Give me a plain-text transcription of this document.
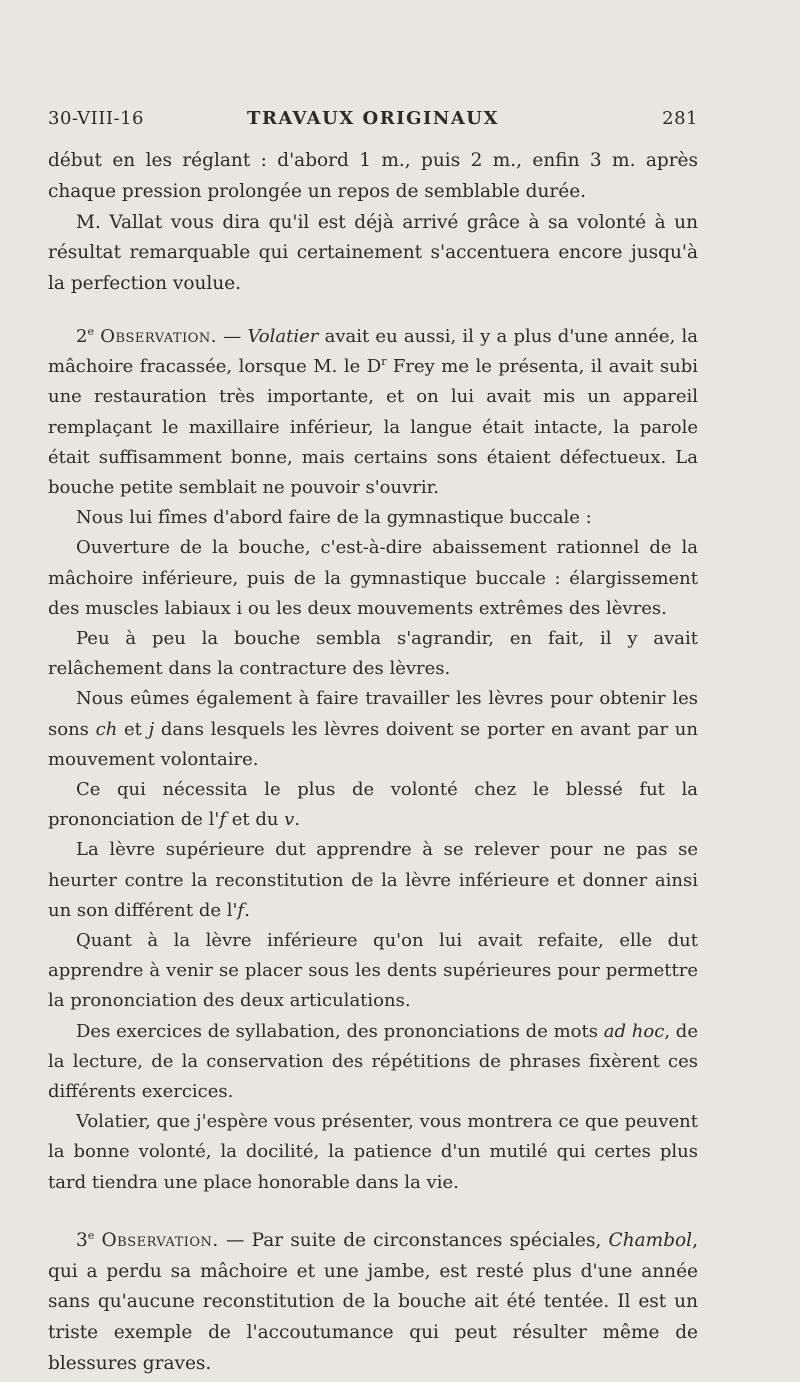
30-VIII-16	TRAVAUX ORIGINAUX	281

début en les réglant : d'abord 1 m., puis 2 m., enfin 3 m. après chaque pression prolongée un repos de semblable durée.

M. Vallat vous dira qu'il est déjà arrivé grâce à sa volonté à un résultat remarquable qui certainement s'accentuera encore jusqu'à la perfection voulue.

2e Observation. — Volatier avait eu aussi, il y a plus d'une année, la mâchoire fracassée, lorsque M. le $D^r$ Frey me le présenta, il avait subi une restauration très importante, et on lui avait mis un appareil remplaçant le maxillaire inférieur, la langue était intacte, la parole était suffisamment bonne, mais certains sons étaient défectueux. La bouche petite semblait ne pouvoir s'ouvrir.

Nous lui fîmes d'abord faire de la gymnastique buccale :

Ouverture de la bouche, c'est-à-dire abaissement rationnel de la mâchoire inférieure, puis de la gymnastique buccale : élargissement des muscles labiaux i ou les deux mouvements extrêmes des lèvres.

Peu à peu la bouche sembla s'agrandir, en fait, il y avait relâchement dans la contracture des lèvres.

Nous eûmes également à faire travailler les lèvres pour obtenir les sons ch et j dans lesquels les lèvres doivent se porter en avant par un mouvement volontaire.

Ce qui nécessita le plus de volonté chez le blessé fut la prononciation de l'f et du v.

La lèvre supérieure dut apprendre à se relever pour ne pas se heurter contre la reconstitution de la lèvre inférieure et donner ainsi un son différent de l'f.

Quant à la lèvre inférieure qu'on lui avait refaite, elle dut apprendre à venir se placer sous les dents supérieures pour permettre la prononciation des deux articulations.

Des exercices de syllabation, des prononciations de mots ad hoc, de la lecture, de la conservation des répétitions de phrases fixèrent ces différents exercices.

Volatier, que j'espère vous présenter, vous montrera ce que peuvent la bonne volonté, la docilité, la patience d'un mutilé qui certes plus tard tiendra une place honorable dans la vie.

3e Observation. — Par suite de circonstances spéciales, Chambol, qui a perdu sa mâchoire et une jambe, est resté plus d'une année sans qu'aucune reconstitution de la bouche ait été tentée. Il est un triste exemple de l'accoutumance qui peut résulter même de blessures graves.
